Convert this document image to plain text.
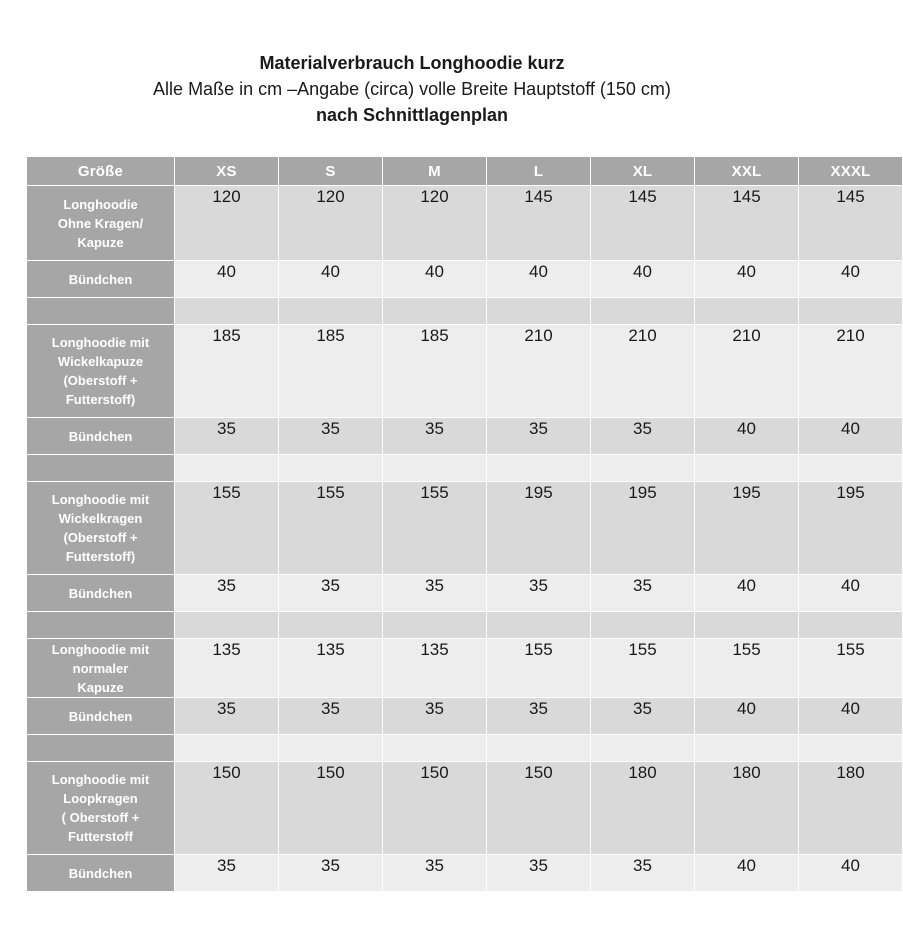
Materialverbrauch Longhoodie kurz
Alle Maße in cm –Angabe (circa) volle Breite Hauptstoff (150 cm)
nach Schnittlagenplan
Größe	XS	S	M	L	XL	XXL	XXXL
Longhoodie
Ohne Kragen/
Kapuze	120	120	120	145	145	145	145
Bündchen	40	40	40	40	40	40	40

Longhoodie mit
Wickelkapuze
(Oberstoff +
Futterstoff)	185	185	185	210	210	210	210
Bündchen	35	35	35	35	35	40	40

Longhoodie mit
Wickelkragen
(Oberstoff +
Futterstoff)	155	155	155	195	195	195	195
Bündchen	35	35	35	35	35	40	40

Longhoodie mit
normaler
Kapuze	135	135	135	155	155	155	155
Bündchen	35	35	35	35	35	40	40

Longhoodie mit
Loopkragen
( Oberstoff +
Futterstoff	150	150	150	150	180	180	180
Bündchen	35	35	35	35	35	40	40
